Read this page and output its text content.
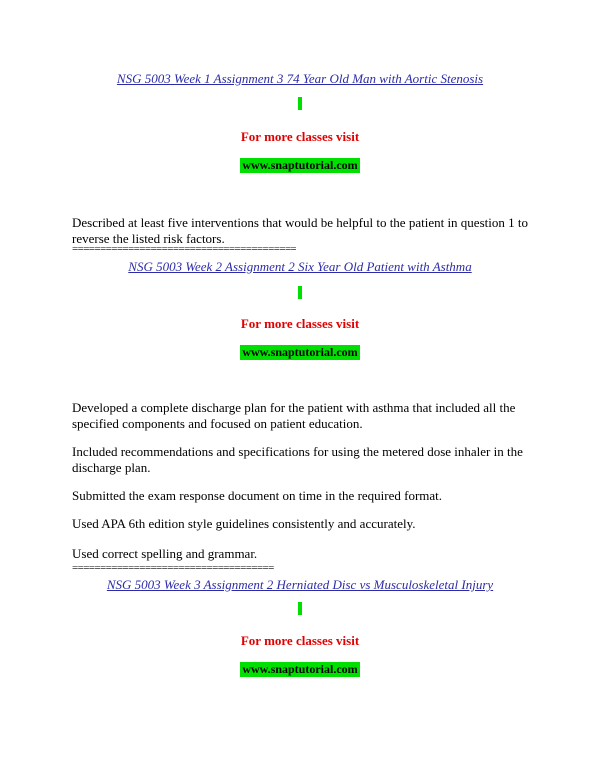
NSG 5003 Week 1 Assignment 3 74 Year Old Man with Aortic Stenosis
For more classes visit
www.snaptutorial.com

Described at least five interventions that would be helpful to the patient in question 1 to reverse the listed risk factors.

========================================
NSG 5003 Week 2 Assignment 2 Six Year Old Patient with Asthma
For more classes visit
www.snaptutorial.com

Developed a complete discharge plan for the patient with asthma that included all the specified components and focused on patient education.

Included recommendations and specifications for using the metered dose inhaler in the discharge plan.

Submitted the exam response document on time in the required format.

Used APA 6th edition style guidelines consistently and accurately.

Used correct spelling and grammar.

====================================
NSG 5003 Week 3 Assignment 2 Herniated Disc vs Musculoskeletal Injury
For more classes visit
www.snaptutorial.com
